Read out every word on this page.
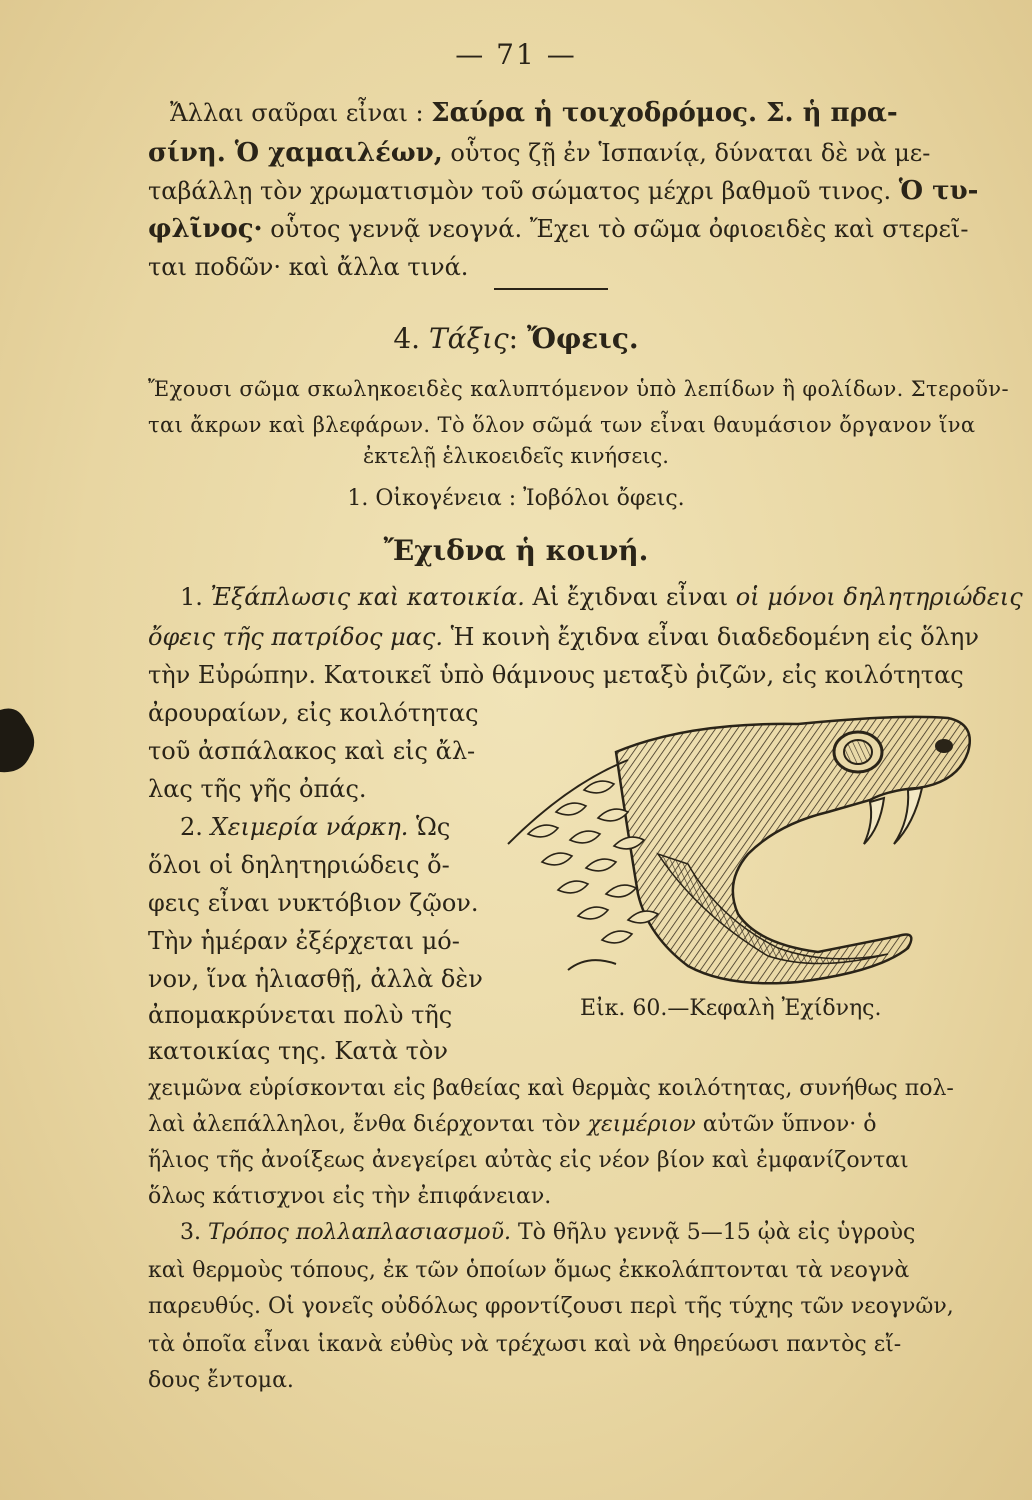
— 71 —
Ἄλλαι σαῦραι εἶναι : Σαύρα ἡ τοιχοδρόμος. Σ. ἡ πρα-
σίνη. Ὁ χαμαιλέων, οὗτος ζῇ ἐν Ἱσπανίᾳ, δύναται δὲ νὰ με-
ταβάλλῃ τὸν χρωματισμὸν τοῦ σώματος μέχρι βαθμοῦ τινος. Ὁ τυ-
φλῖνος· οὗτος γεννᾷ νεογνά. Ἔχει τὸ σῶμα ὀφιοειδὲς καὶ στερεῖ-
ται ποδῶν· καὶ ἄλλα τινά.
4. Τάξις: Ὄφεις.
Ἔχουσι σῶμα σκωληκοειδὲς καλυπτόμενον ὑπὸ λεπίδων ἢ φολίδων. Στεροῦν-
ται ἄκρων καὶ βλεφάρων. Τὸ ὅλον σῶμά των εἶναι θαυμάσιον ὄργανον ἵνα
ἐκτελῇ ἑλικοειδεῖς κινήσεις.
1. Οἰκογένεια : Ἰοβόλοι ὄφεις.
Ἔχιδνα ἡ κοινή.
1. Ἐξάπλωσις καὶ κατοικία. Αἱ ἔχιδναι εἶναι οἱ μόνοι δηλητηριώδεις
ὄφεις τῆς πατρίδος μας. Ἡ κοινὴ ἔχιδνα εἶναι διαδεδομένη εἰς ὅλην
τὴν Εὐρώπην. Κατοικεῖ ὑπὸ θάμνους μεταξὺ ῥιζῶν, εἰς κοιλότητας
ἀρουραίων, εἰς κοιλότητας
τοῦ ἀσπάλακος καὶ εἰς ἄλ-
λας τῆς γῆς ὀπάς.
2. Χειμερία νάρκη. Ὡς
ὅλοι οἱ δηλητηριώδεις ὄ-
φεις εἶναι νυκτόβιον ζῷον.
Τὴν ἡμέραν ἐξέρχεται μό-
νον, ἵνα ἡλιασθῇ, ἀλλὰ δὲν
ἀπομακρύνεται πολὺ τῆς
κατοικίας της. Κατὰ τὸν
χειμῶνα εὑρίσκονται εἰς βαθείας καὶ θερμὰς κοιλότητας, συνήθως πολ-
λαὶ ἀλεπάλληλοι, ἔνθα διέρχονται τὸν χειμέριον αὐτῶν ὕπνον· ὁ
ἥλιος τῆς ἀνοίξεως ἀνεγείρει αὐτὰς εἰς νέον βίον καὶ ἐμφανίζονται
ὅλως κάτισχνοι εἰς τὴν ἐπιφάνειαν.
3. Τρόπος πολλαπλασιασμοῦ. Τὸ θῆλυ γεννᾷ 5—15 ᾠὰ εἰς ὑγροὺς
καὶ θερμοὺς τόπους, ἐκ τῶν ὁποίων ὅμως ἐκκολάπτονται τὰ νεογνὰ
παρευθύς. Οἱ γονεῖς οὐδόλως φροντίζουσι περὶ τῆς τύχης τῶν νεογνῶν,
τὰ ὁποῖα εἶναι ἱκανὰ εὐθὺς νὰ τρέχωσι καὶ νὰ θηρεύωσι παντὸς εἴ-
δους ἔντομα.
Εἰκ. 60.—Κεφαλὴ Ἐχίδνης.
